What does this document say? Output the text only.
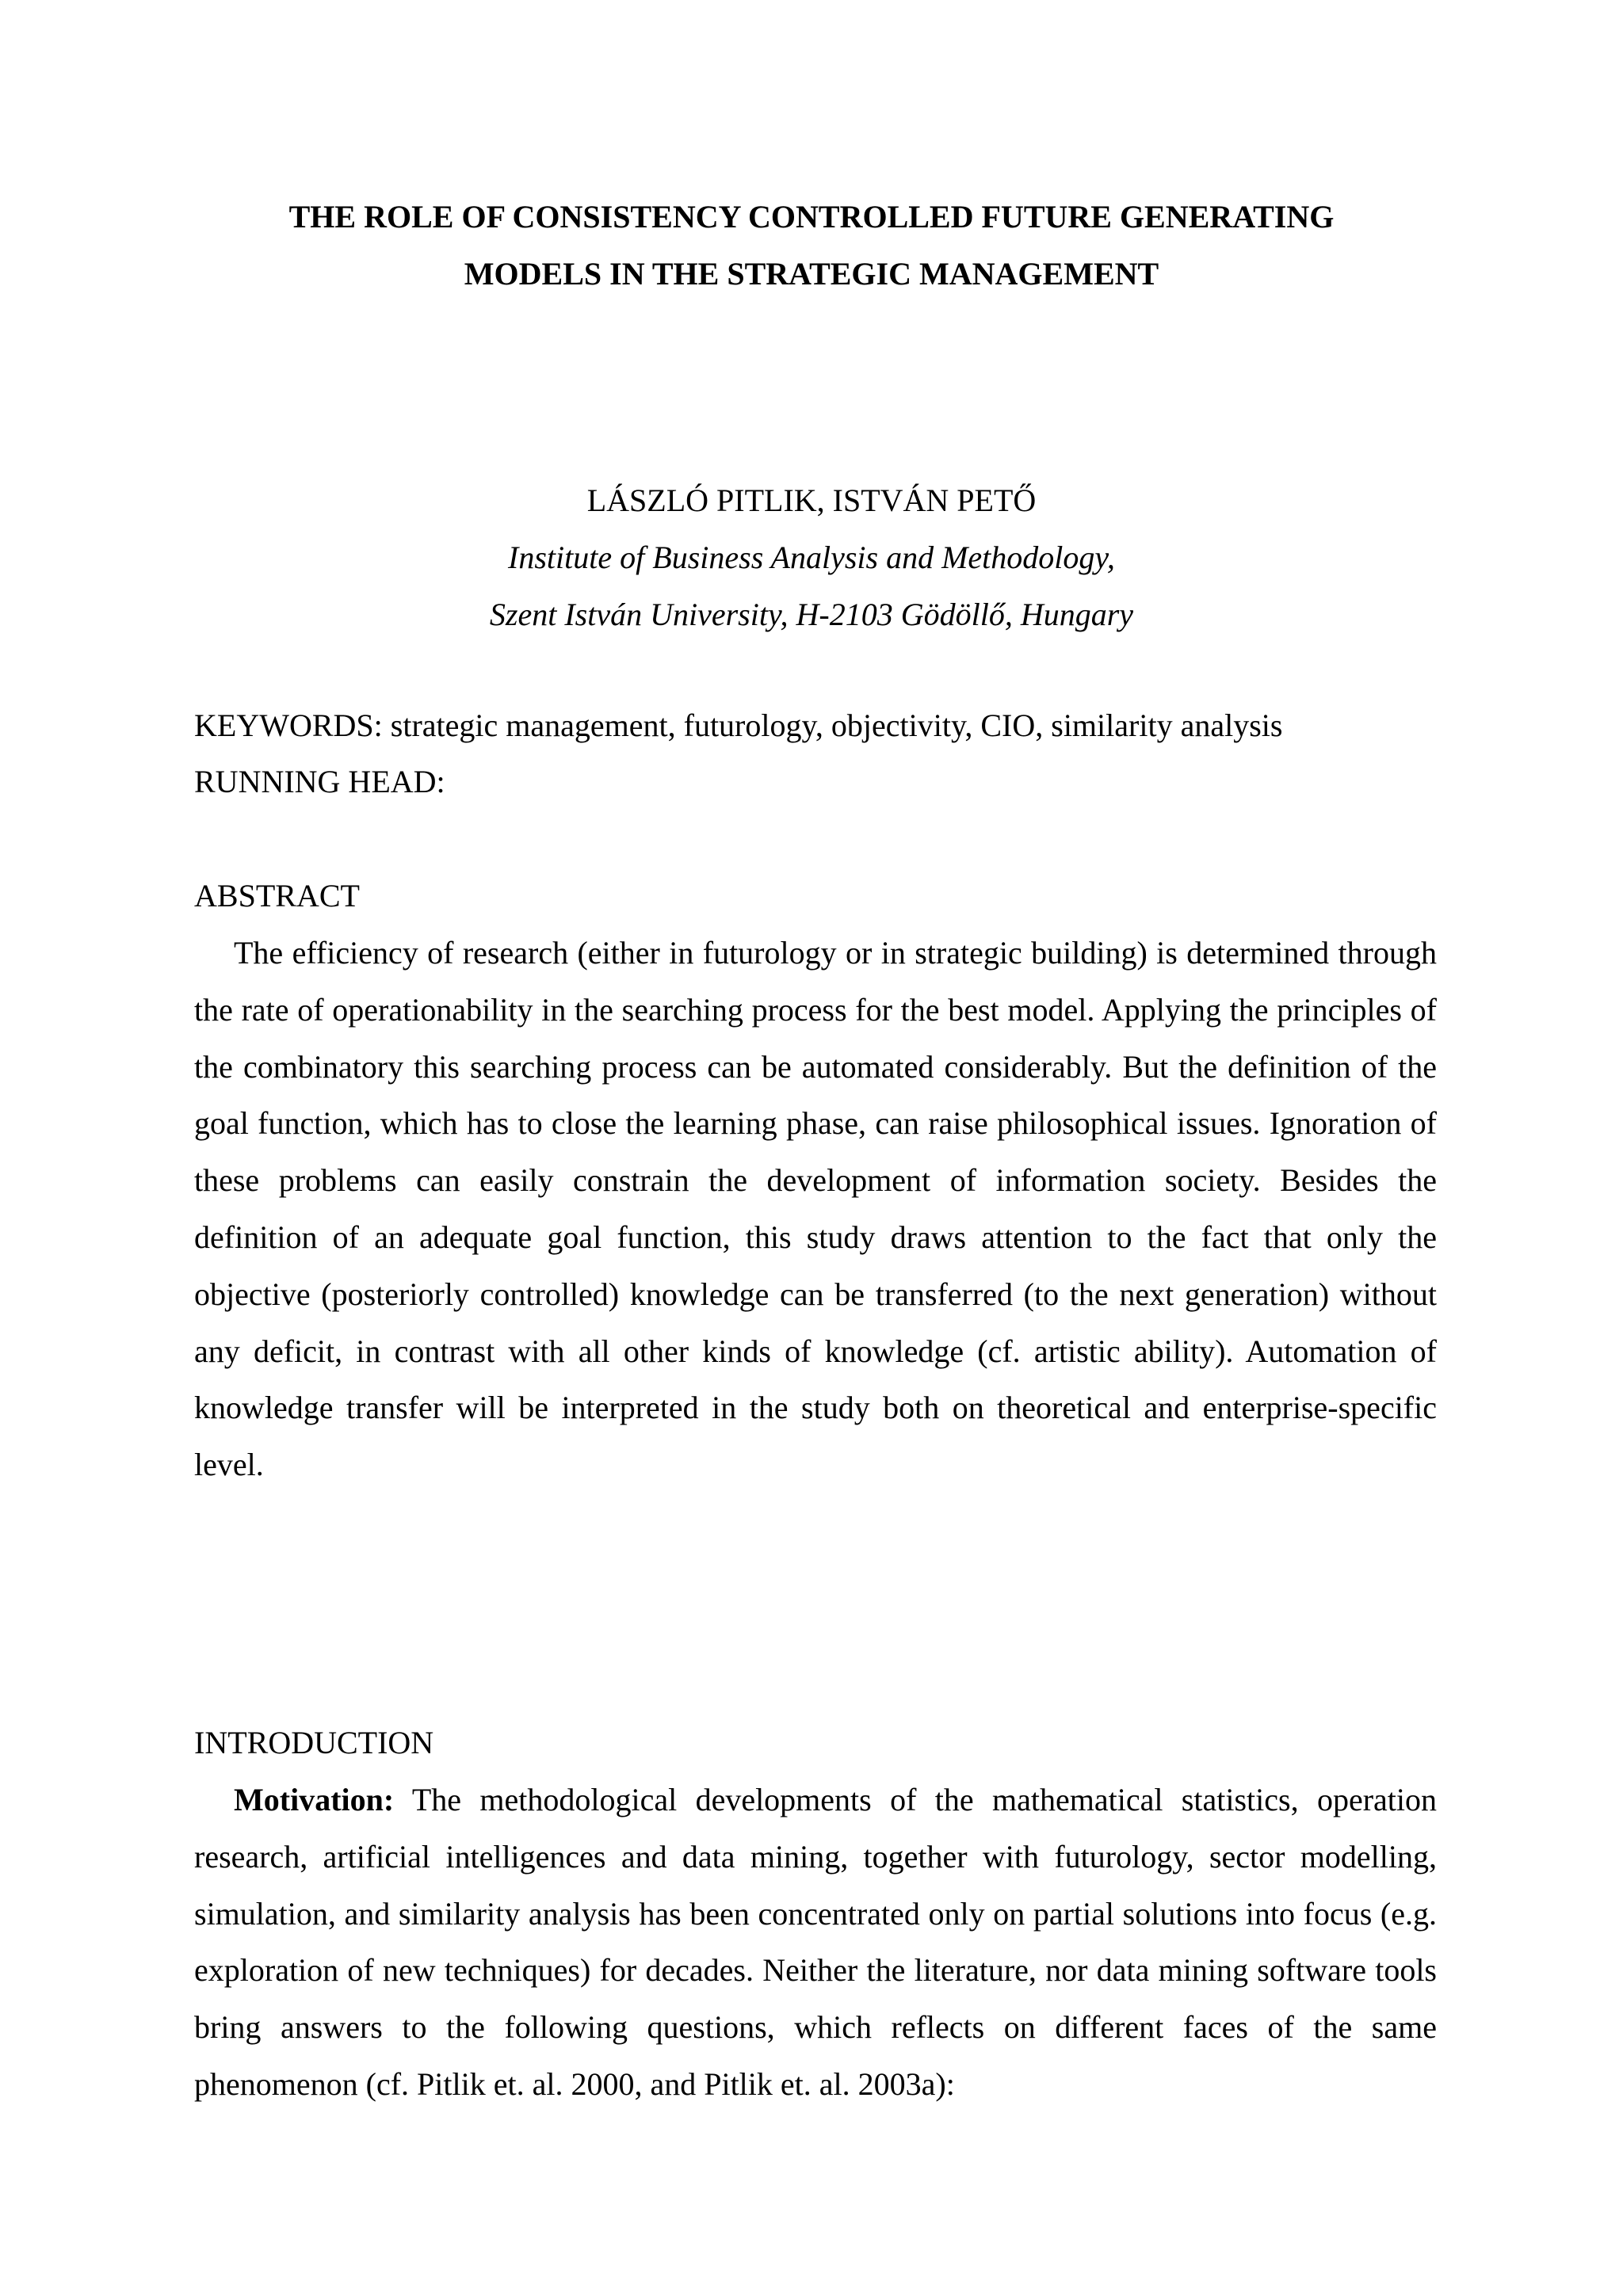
THE ROLE OF CONSISTENCY CONTROLLED FUTURE GENERATING
MODELS IN THE STRATEGIC MANAGEMENT
LÁSZLÓ PITLIK, ISTVÁN PETŐ
Institute of Business Analysis and Methodology,
Szent István University, H-2103 Gödöllő, Hungary
KEYWORDS: strategic management, futurology, objectivity, CIO, similarity analysis
RUNNING HEAD:
ABSTRACT
The efficiency of research (either in futurology or in strategic building) is determined through the rate of operationability in the searching process for the best model. Applying the principles of the combinatory this searching process can be automated considerably. But the definition of the goal function, which has to close the learning phase, can raise philosophical issues. Ignoration of these problems can easily constrain the development of information society. Besides the definition of an adequate goal function, this study draws attention to the fact that only the objective (posteriorly controlled) knowledge can be transferred (to the next generation) without any deficit, in contrast with all other kinds of knowledge (cf. artistic ability). Automation of knowledge transfer will be interpreted in the study both on theoretical and enterprise-specific level.
INTRODUCTION
Motivation: The methodological developments of the mathematical statistics, operation research, artificial intelligences and data mining, together with futurology, sector modelling, simulation, and similarity analysis has been concentrated only on partial solutions into focus (e.g. exploration of new techniques) for decades. Neither the literature, nor data mining software tools bring answers to the following questions, which reflects on different faces of the same phenomenon (cf. Pitlik et. al. 2000, and Pitlik et. al. 2003a):
